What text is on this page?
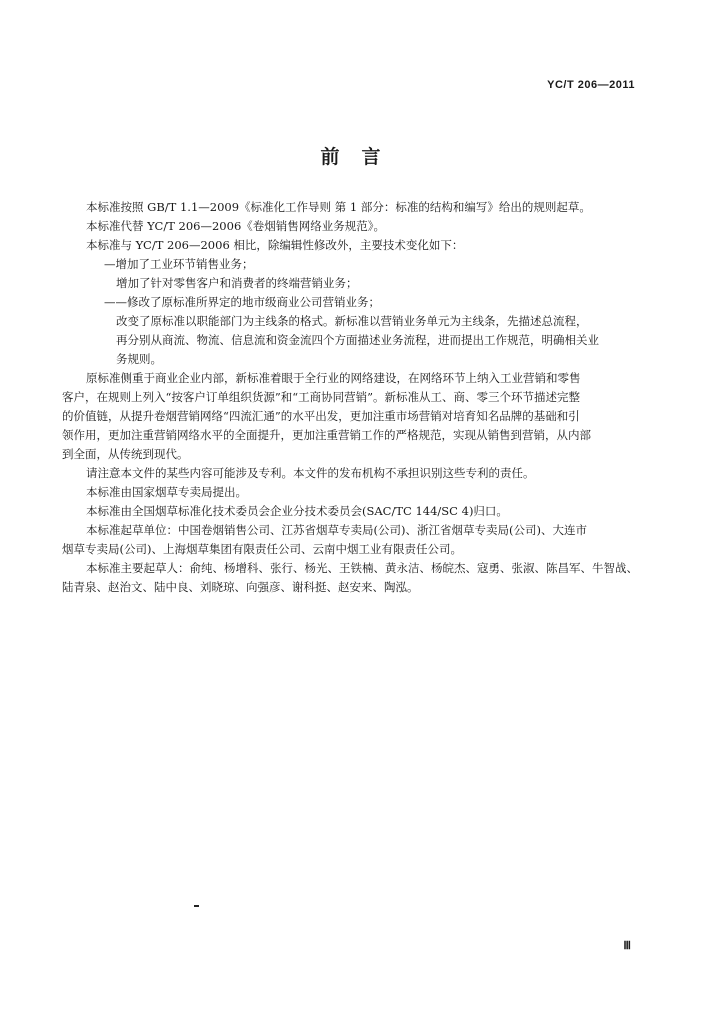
YC/T 206—2011
前言
本标准按照 GB/T 1.1—2009《标准化工作导则 第 1 部分：标准的结构和编写》给出的规则起草。
本标准代替 YC/T 206—2006《卷烟销售网络业务规范》。
本标准与 YC/T 206—2006 相比，除编辑性修改外，主要技术变化如下：
—增加了工业环节销售业务；
增加了针对零售客户和消费者的终端营销业务；
——修改了原标准所界定的地市级商业公司营销业务；
改变了原标准以职能部门为主线条的格式。新标准以营销业务单元为主线条，先描述总流程，
再分别从商流、物流、信息流和资金流四个方面描述业务流程，进而提出工作规范，明确相关业
务规则。
原标准侧重于商业企业内部，新标准着眼于全行业的网络建设，在网络环节上纳入工业营销和零售
客户，在规则上列入“按客户订单组织货源”和“工商协同营销”。新标准从工、商、零三个环节描述完整
的价值链，从提升卷烟营销网络“四流汇通”的水平出发，更加注重市场营销对培育知名品牌的基础和引
领作用，更加注重营销网络水平的全面提升，更加注重营销工作的严格规范，实现从销售到营销，从内部
到全面，从传统到现代。
请注意本文件的某些内容可能涉及专利。本文件的发布机构不承担识别这些专利的责任。
本标准由国家烟草专卖局提出。
本标准由全国烟草标准化技术委员会企业分技术委员会(SAC/TC 144/SC 4)归口。
本标准起草单位：中国卷烟销售公司、江苏省烟草专卖局(公司)、浙江省烟草专卖局(公司)、大连市
烟草专卖局(公司)、上海烟草集团有限责任公司、云南中烟工业有限责任公司。
本标准主要起草人：俞纯、杨增科、张行、杨光、王铁楠、黄永洁、杨皖杰、寇勇、张淑、陈昌军、牛智战、
陆青泉、赵治文、陆中良、刘晓琼、向强彦、谢科挺、赵安来、陶泓。
Ⅲ
